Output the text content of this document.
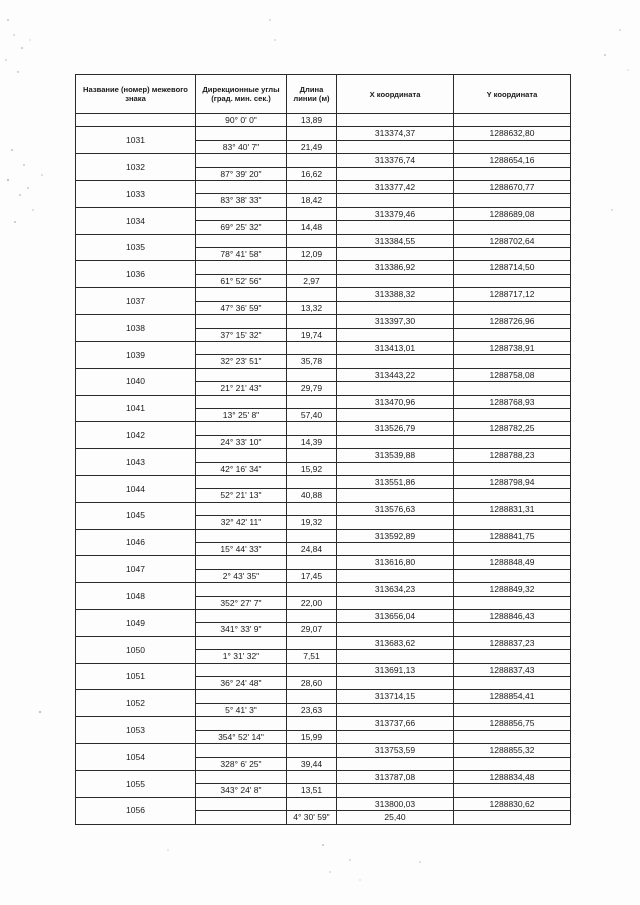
Название (номер) межевого знака	Дирекционные углы (град. мин. сек.)	Длина линии (м)	X координата	Y координата	
	90° 0' 0"	13,89			
1031			313374,37	1288632,80	
	83° 40' 7"	21,49			
1032			313376,74	1288654,16	
	87° 39' 20"	16,62			
1033			313377,42	1288670,77	
	83° 38' 33"	18,42			
1034			313379,46	1288689,08	
	69° 25' 32"	14,48			
1035			313384,55	1288702,64	
	78° 41' 58"	12,09			
1036			313386,92	1288714,50	
	61° 52' 56"	2,97			
1037			313388,32	1288717,12	
	47° 36' 59"	13,32			
1038			313397,30	1288726,96	
	37° 15' 32"	19,74			
1039			313413,01	1288738,91	
	32° 23' 51"	35,78			
1040			313443,22	1288758,08	
	21° 21' 43"	29,79			
1041			313470,96	1288768,93	
	13° 25' 8"	57,40			
1042			313526,79	1288782,25	
	24° 33' 10"	14,39			
1043			313539,88	1288788,23	
	42° 16' 34"	15,92			
1044			313551,86	1288798,94	
	52° 21' 13"	40,88			
1045			313576,63	1288831,31	
	32° 42' 11"	19,32			
1046			313592,89	1288841,75	
	15° 44' 33"	24,84			
1047			313616,80	1288848,49	
	2° 43' 35"	17,45			
1048			313634,23	1288849,32	
	352° 27' 7"	22,00			
1049			313656,04	1288846,43	
	341° 33' 9"	29,07			
1050			313683,62	1288837,23	
	1° 31' 32"	7,51			
1051			313691,13	1288837,43	
	36° 24' 48"	28,60			
1052			313714,15	1288854,41	
	5° 41' 3"	23,63			
1053			313737,66	1288856,75	
	354° 52' 14"	15,99			
1054			313753,59	1288855,32	
	328° 6' 25"	39,44			
1055			313787,08	1288834,48	
	343° 24' 8"	13,51			
1056			313800,03	1288830,62	
		4° 30' 59"	25,40		
